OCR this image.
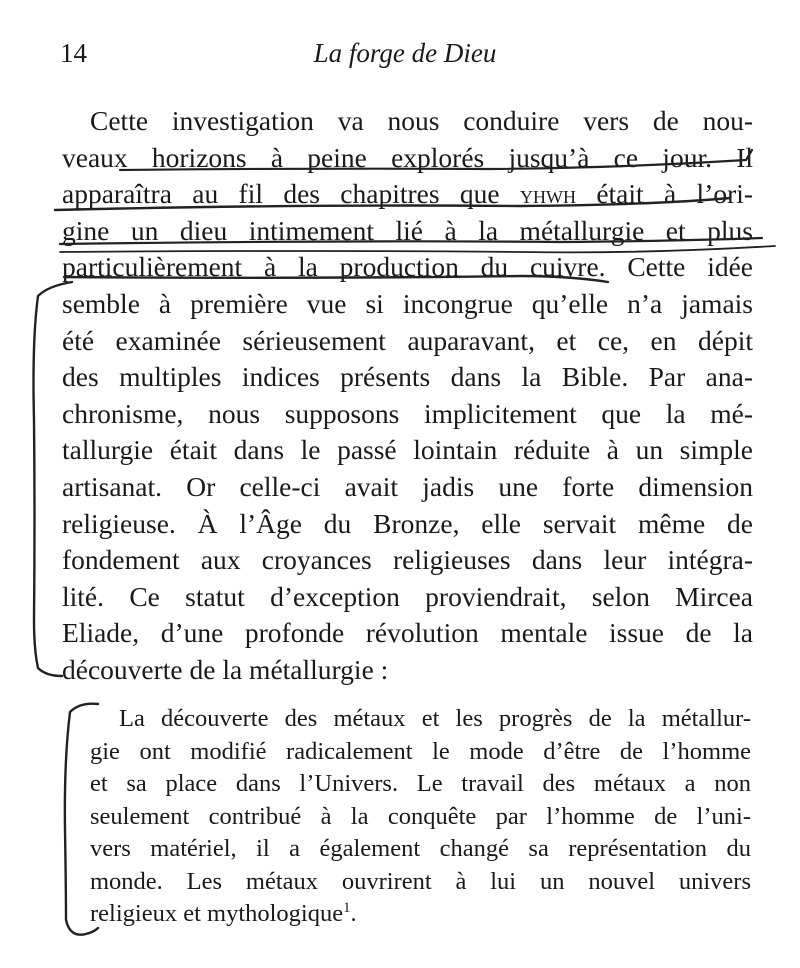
14	La forge de Dieu
Cette investigation va nous conduire vers de nou-
veaux horizons à peine explorés jusqu’à ce jour. Il
apparaîtra au fil des chapitres que yhwh était à l’ori-
gine un dieu intimement lié à la métallurgie et plus
particulièrement à la production du cuivre. Cette idée
semble à première vue si incongrue qu’elle n’a jamais
été examinée sérieusement auparavant, et ce, en dépit
des multiples indices présents dans la Bible. Par ana-
chronisme, nous supposons implicitement que la mé-
tallurgie était dans le passé lointain réduite à un simple
artisanat. Or celle-ci avait jadis une forte dimension
religieuse. À l’Âge du Bronze, elle servait même de
fondement aux croyances religieuses dans leur intégra-
lité. Ce statut d’exception proviendrait, selon Mircea
Eliade, d’une profonde révolution mentale issue de la
découverte de la métallurgie :
La découverte des métaux et les progrès de la métallur-
gie ont modifié radicalement le mode d’être de l’homme
et sa place dans l’Univers. Le travail des métaux a non
seulement contribué à la conquête par l’homme de l’uni-
vers matériel, il a également changé sa représentation du
monde. Les métaux ouvrirent à lui un nouvel univers
religieux et mythologique$^1$.
